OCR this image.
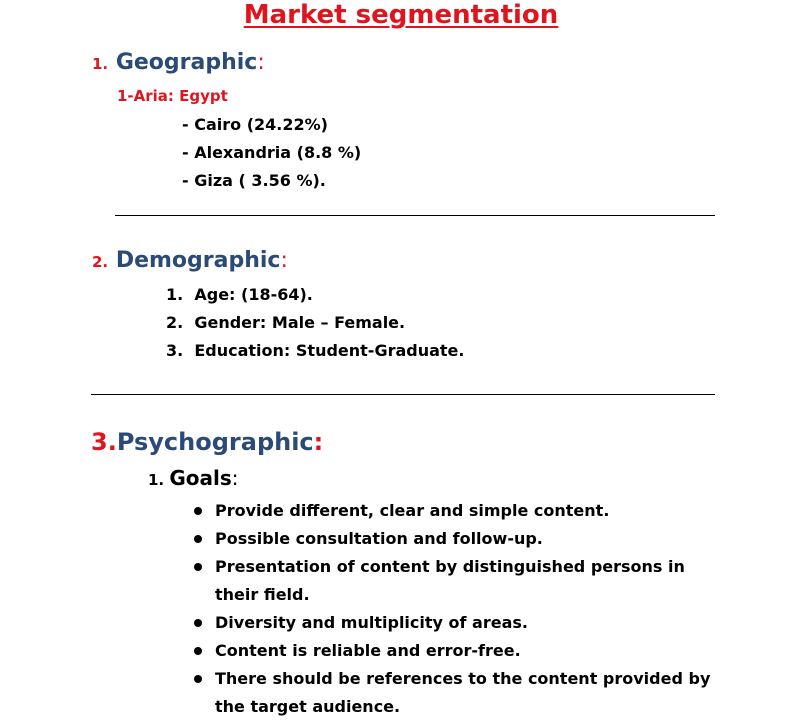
Market segmentation
1. Geographic:
1-Aria: Egypt
- Cairo (24.22%)
- Alexandria (8.8 %)
- Giza ( 3.56 %).
2. Demographic:
1.  Age: (18-64).
2.  Gender: Male – Female.
3.  Education: Student-Graduate.
3.Psychographic:
1. Goals:
Provide different, clear and simple content.
Possible consultation and follow-up.
Presentation of content by distinguished persons in
their field.
Diversity and multiplicity of areas.
Content is reliable and error-free.
There should be references to the content provided by
the target audience.
